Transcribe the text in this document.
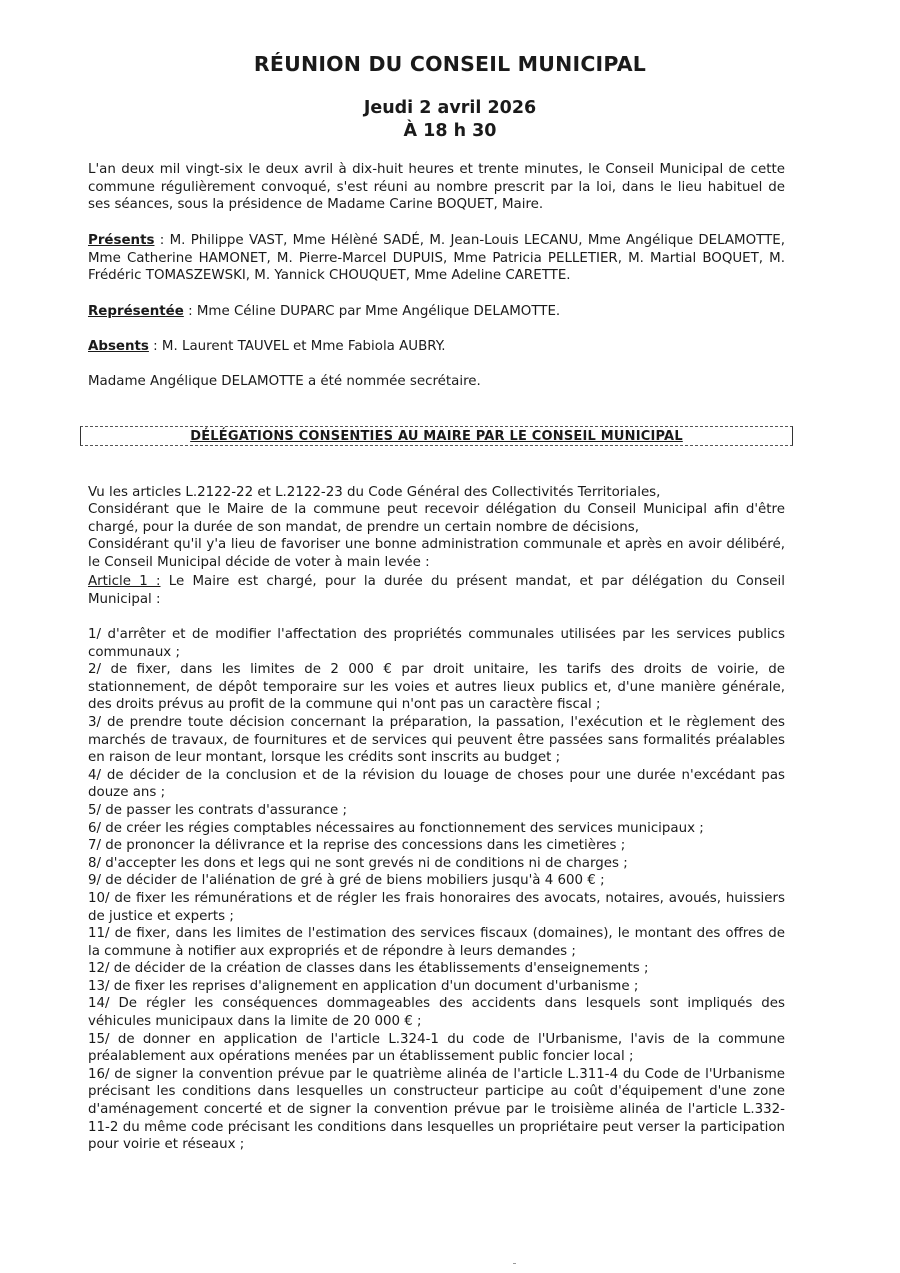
RÉUNION DU CONSEIL MUNICIPAL
Jeudi 2 avril 2026
À 18 h 30

L'an deux mil vingt-six le deux avril à dix-huit heures et trente minutes, le Conseil Municipal de cette commune régulièrement convoqué, s'est réuni au nombre prescrit par la loi, dans le lieu habituel de ses séances, sous la présidence de Madame Carine BOQUET, Maire.

Présents : M. Philippe VAST, Mme Hélèné SADÉ, M. Jean-Louis LECANU, Mme Angélique DELAMOTTE, Mme Catherine HAMONET, M. Pierre-Marcel DUPUIS, Mme Patricia PELLETIER, M. Martial BOQUET, M. Frédéric TOMASZEWSKI, M. Yannick CHOUQUET, Mme Adeline CARETTE.

Représentée : Mme Céline DUPARC par Mme Angélique DELAMOTTE.

Absents : M. Laurent TAUVEL et Mme Fabiola AUBRY.

Madame Angélique DELAMOTTE a été nommée secrétaire.

DÉLÉGATIONS CONSENTIES AU MAIRE PAR LE CONSEIL MUNICIPAL

Vu les articles L.2122-22 et L.2122-23 du Code Général des Collectivités Territoriales,
Considérant que le Maire de la commune peut recevoir délégation du Conseil Municipal afin d'être chargé, pour la durée de son mandat, de prendre un certain nombre de décisions,
Considérant qu'il y'a lieu de favoriser une bonne administration communale et après en avoir délibéré, le Conseil Municipal décide de voter à main levée :

Article 1 : Le Maire est chargé, pour la durée du présent mandat, et par délégation du Conseil Municipal :

1/ d'arrêter et de modifier l'affectation des propriétés communales utilisées par les services publics communaux ;

2/ de fixer, dans les limites de 2 000 € par droit unitaire, les tarifs des droits de voirie, de stationnement, de dépôt temporaire sur les voies et autres lieux publics et, d'une manière générale, des droits prévus au profit de la commune qui n'ont pas un caractère fiscal ;

3/ de prendre toute décision concernant la préparation, la passation, l'exécution et le règlement des marchés de travaux, de fournitures et de services qui peuvent être passées sans formalités préalables en raison de leur montant, lorsque les crédits sont inscrits au budget ;

4/ de décider de la conclusion et de la révision du louage de choses pour une durée n'excédant pas douze ans ;

5/ de passer les contrats d'assurance ;

6/ de créer les régies comptables nécessaires au fonctionnement des services municipaux ;

7/ de prononcer la délivrance et la reprise des concessions dans les cimetières ;

8/ d'accepter les dons et legs qui ne sont grevés ni de conditions ni de charges ;

9/ de décider de l'aliénation de gré à gré de biens mobiliers jusqu'à 4 600 € ;

10/ de fixer les rémunérations et de régler les frais honoraires des avocats, notaires, avoués, huissiers de justice et experts ;

11/ de fixer, dans les limites de l'estimation des services fiscaux (domaines), le montant des offres de la commune à notifier aux expropriés et de répondre à leurs demandes ;

12/ de décider de la création de classes dans les établissements d'enseignements ;

13/ de fixer les reprises d'alignement en application d'un document d'urbanisme ;

14/ De régler les conséquences dommageables des accidents dans lesquels sont impliqués des véhicules municipaux dans la limite de 20 000 € ;

15/ de donner en application de l'article L.324-1 du code de l'Urbanisme, l'avis de la commune préalablement aux opérations menées par un établissement public foncier local ;

16/ de signer la convention prévue par le quatrième alinéa de l'article L.311-4 du Code de l'Urbanisme précisant les conditions dans lesquelles un constructeur participe au coût d'équipement d'une zone d'aménagement concerté et de signer la convention prévue par le troisième alinéa de l'article L.332-11-2 du même code précisant les conditions dans lesquelles un propriétaire peut verser la participation pour voirie et réseaux ;
